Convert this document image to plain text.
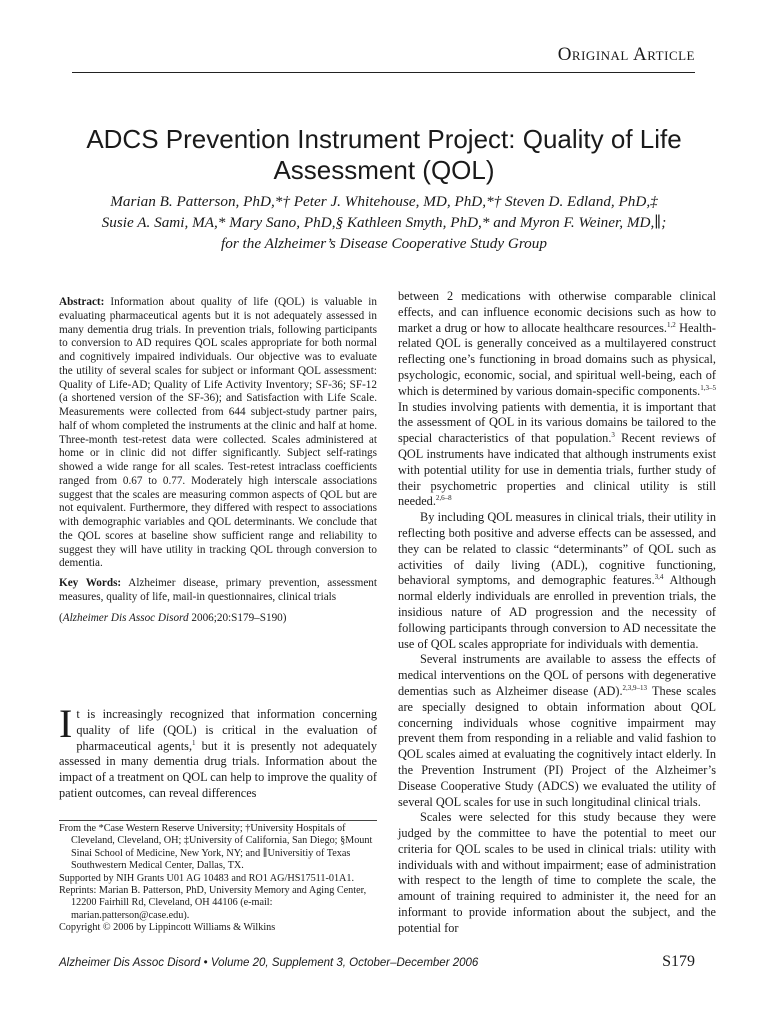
Original Article

ADCS Prevention Instrument Project: Quality of Life Assessment (QOL)
Marian B. Patterson, PhD,*† Peter J. Whitehouse, MD, PhD,*† Steven D. Edland, PhD,‡
Susie A. Sami, MA,* Mary Sano, PhD,§ Kathleen Smyth, PhD,* and Myron F. Weiner, MD,∥;
for the Alzheimer’s Disease Cooperative Study Group

Abstract: Information about quality of life (QOL) is valuable in evaluating pharmaceutical agents but it is not adequately assessed in many dementia drug trials. In prevention trials, following participants to conversion to AD requires QOL scales appropriate for both normal and cognitively impaired individuals. Our objective was to evaluate the utility of several scales for subject or informant QOL assessment: Quality of Life-AD; Quality of Life Activity Inventory; SF-36; SF-12 (a shortened version of the SF-36); and Satisfaction with Life Scale. Measurements were collected from 644 subject-study partner pairs, half of whom completed the instruments at the clinic and half at home. Three-month test-retest data were collected. Scales administered at home or in clinic did not differ significantly. Subject self-ratings showed a wide range for all scales. Test-retest intraclass coefficients ranged from 0.67 to 0.77. Moderately high interscale associations suggest that the scales are measuring common aspects of QOL but are not equivalent. Furthermore, they differed with respect to associations with demographic variables and QOL determinants. We conclude that the QOL scores at baseline show sufficient range and reliability to suggest they will have utility in tracking QOL through conversion to dementia.

Key Words: Alzheimer disease, primary prevention, assessment measures, quality of life, mail-in questionnaires, clinical trials

(Alzheimer Dis Assoc Disord 2006;20:S179–S190)

It is increasingly recognized that information concerning quality of life (QOL) is critical in the evaluation of pharmaceutical agents,$^1$ but it is presently not adequately assessed in many dementia drug trials. Information about the impact of a treatment on QOL can help to improve the quality of patient outcomes, can reveal differences

From the *Case Western Reserve University; †University Hospitals of Cleveland, Cleveland, OH; ‡University of California, San Diego; §Mount Sinai School of Medicine, New York, NY; and ∥Universitiy of Texas Southwestern Medical Center, Dallas, TX.

Supported by NIH Grants U01 AG 10483 and RO1 AG/HS17511-01A1.

Reprints: Marian B. Patterson, PhD, University Memory and Aging Center, 12200 Fairhill Rd, Cleveland, OH 44106 (e-mail: marian.patterson@case.edu).

Copyright © 2006 by Lippincott Williams & Wilkins

between 2 medications with otherwise comparable clinical effects, and can influence economic decisions such as how to market a drug or how to allocate healthcare resources.$^{1,2}$ Health-related QOL is generally conceived as a multilayered construct reflecting one’s functioning in broad domains such as physical, psychologic, economic, social, and spiritual well-being, each of which is determined by various domain-specific components.$^{1,3-5}$ In studies involving patients with dementia, it is important that the assessment of QOL in its various domains be tailored to the special characteristics of that population.$^3$ Recent reviews of QOL instruments have indicated that although instruments exist with potential utility for use in dementia trials, further study of their psychometric properties and clinical utility is still needed.$^{2,6-8}$

By including QOL measures in clinical trials, their utility in reflecting both positive and adverse effects can be assessed, and they can be related to classic “determinants” of QOL such as activities of daily living (ADL), cognitive functioning, behavioral symptoms, and demographic features.$^{3,4}$ Although normal elderly individuals are enrolled in prevention trials, the insidious nature of AD progression and the necessity of following participants through conversion to AD necessitate the use of QOL scales appropriate for individuals with dementia.

Several instruments are available to assess the effects of medical interventions on the QOL of persons with degenerative dementias such as Alzheimer disease (AD).$^{2,3,9-13}$ These scales are specially designed to obtain information about QOL concerning individuals whose cognitive impairment may prevent them from responding in a reliable and valid fashion to QOL scales aimed at evaluating the cognitively intact elderly. In the Prevention Instrument (PI) Project of the Alzheimer’s Disease Cooperative Study (ADCS) we evaluated the utility of several QOL scales for use in such longitudinal clinical trials.

Scales were selected for this study because they were judged by the committee to have the potential to meet our criteria for QOL scales to be used in clinical trials: utility with individuals with and without impairment; ease of administration with respect to the length of time to complete the scale, the amount of training required to administer it, the need for an informant to provide information about the subject, and the potential for

Alzheimer Dis Assoc Disord • Volume 20, Supplement 3, October–December 2006	S179
